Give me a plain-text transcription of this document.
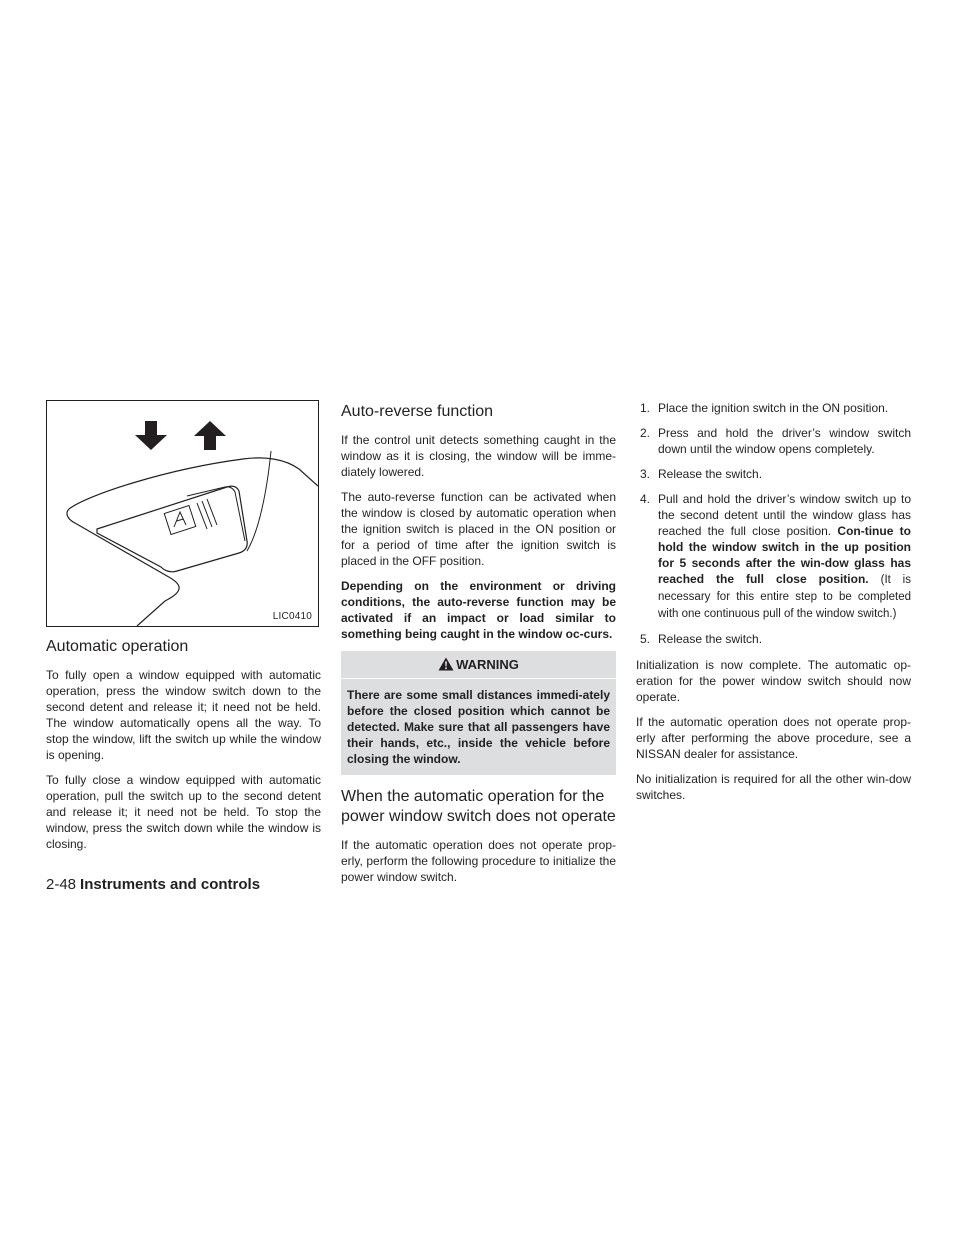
LIC0410
Automatic operation

To fully open a window equipped with automatic operation, press the window switch down to the second detent and release it; it need not be held. The window automatically opens all the way. To stop the window, lift the switch up while the window is opening.

To fully close a window equipped with automatic operation, pull the switch up to the second detent and release it; it need not be held. To stop the window, press the switch down while the window is closing.

Auto-reverse function

If the control unit detects something caught in the window as it is closing, the window will be imme-diately lowered.

The auto-reverse function can be activated when the window is closed by automatic operation when the ignition switch is placed in the ON position or for a period of time after the ignition switch is placed in the OFF position.

Depending on the environment or driving conditions, the auto-reverse function may be activated if an impact or load similar to something being caught in the window oc-curs.

WARNING

There are some small distances immedi-ately before the closed position which cannot be detected. Make sure that all passengers have their hands, etc., inside the vehicle before closing the window.

When the automatic operation for the power window switch does not operate

If the automatic operation does not operate prop-erly, perform the following procedure to initialize the power window switch.

1. Place the ignition switch in the ON position.
2. Press and hold the driver’s window switch down until the window opens completely.
3. Release the switch.
4. Pull and hold the driver’s window switch up to the second detent until the window glass has reached the full close position. Con-tinue to hold the window switch in the up position for 5 seconds after the win-dow glass has reached the full close position. (It is necessary for this entire step to be completed with one continuous pull of the window switch.)
5. Release the switch.

Initialization is now complete. The automatic op-eration for the power window switch should now operate.

If the automatic operation does not operate prop-erly after performing the above procedure, see a NISSAN dealer for assistance.

No initialization is required for all the other win-dow switches.

2-48 Instruments and controls
